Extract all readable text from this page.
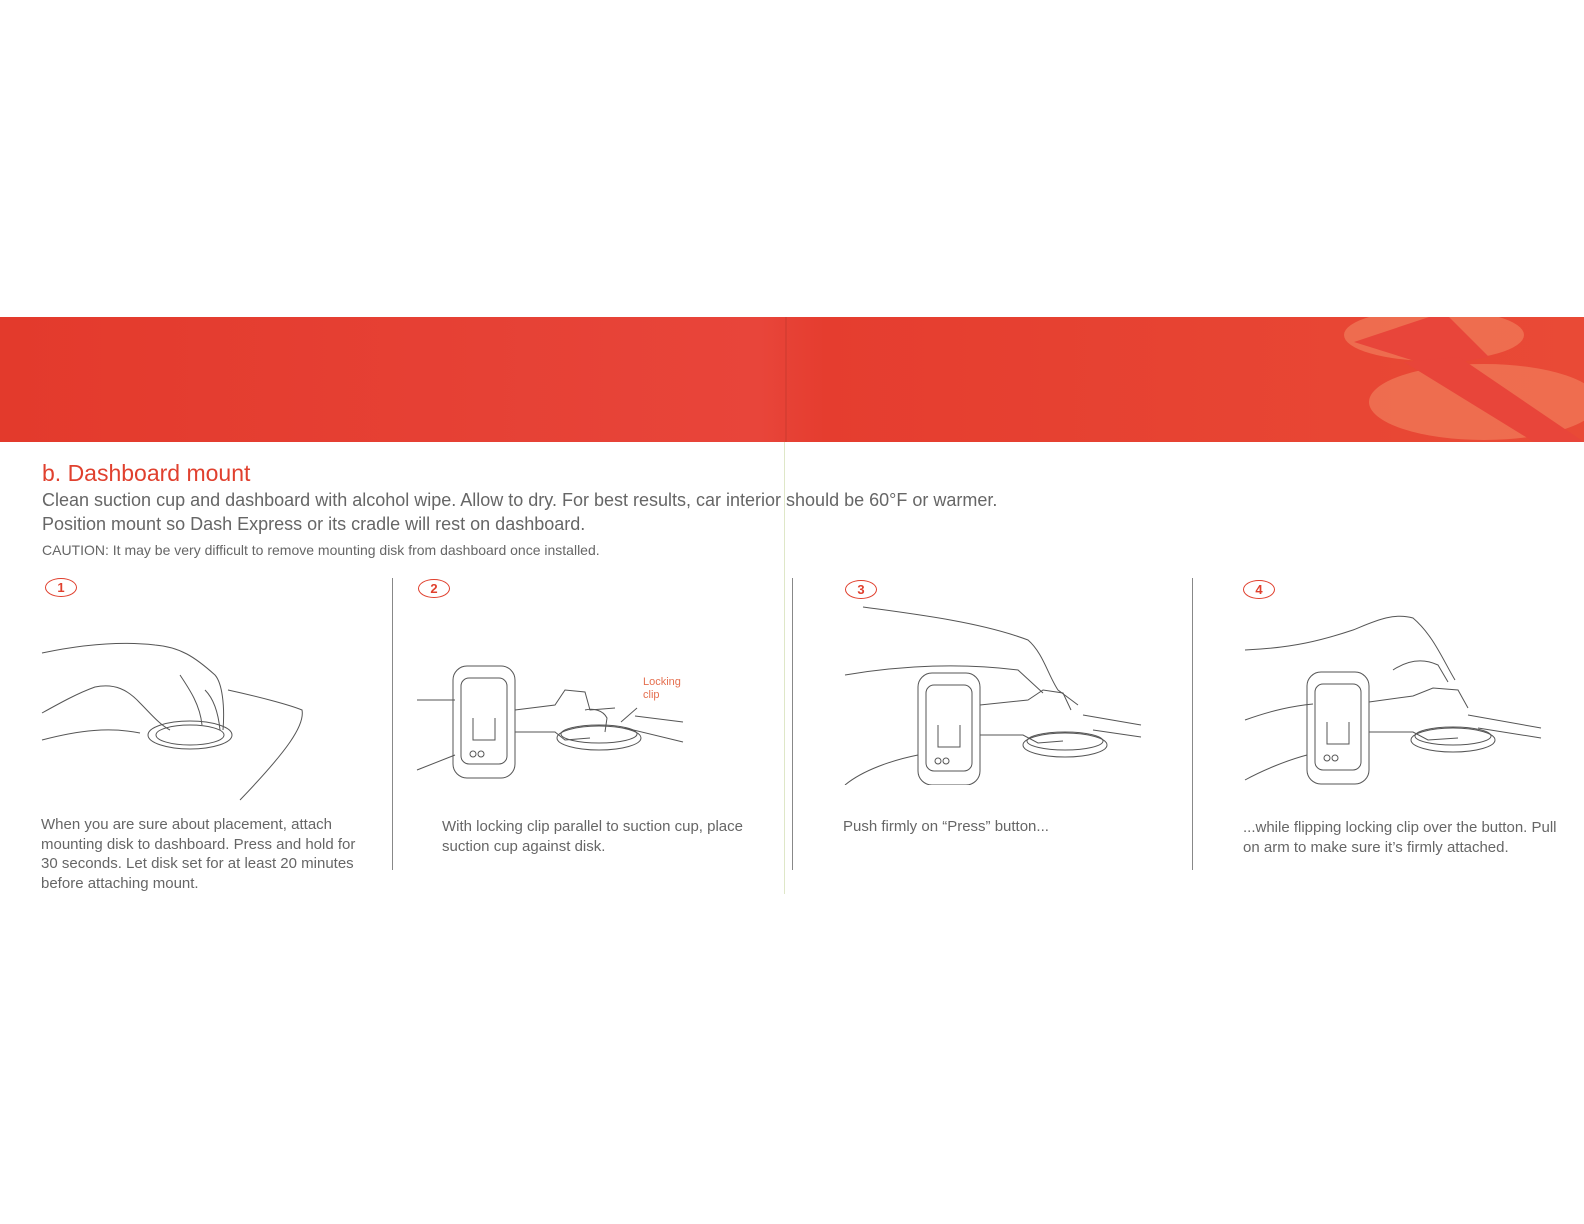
b. Dashboard mount
Clean suction cup and dashboard with alcohol wipe. Allow to dry. For best results, car interior should be 60°F or warmer.
Position mount so Dash Express or its cradle will rest on dashboard.

CAUTION: It may be very difficult to remove mounting disk from dashboard once installed.

1

When you are sure about placement, attach mounting disk to dashboard. Press and hold for 30 seconds. Let disk set for at least 20 minutes before attaching mount.

2
Locking
clip

With locking clip parallel to suction cup, place suction cup against disk.

3

Push firmly on “Press” button...

4

...while flipping locking clip over the button. Pull on arm to make sure it’s firmly attached.
